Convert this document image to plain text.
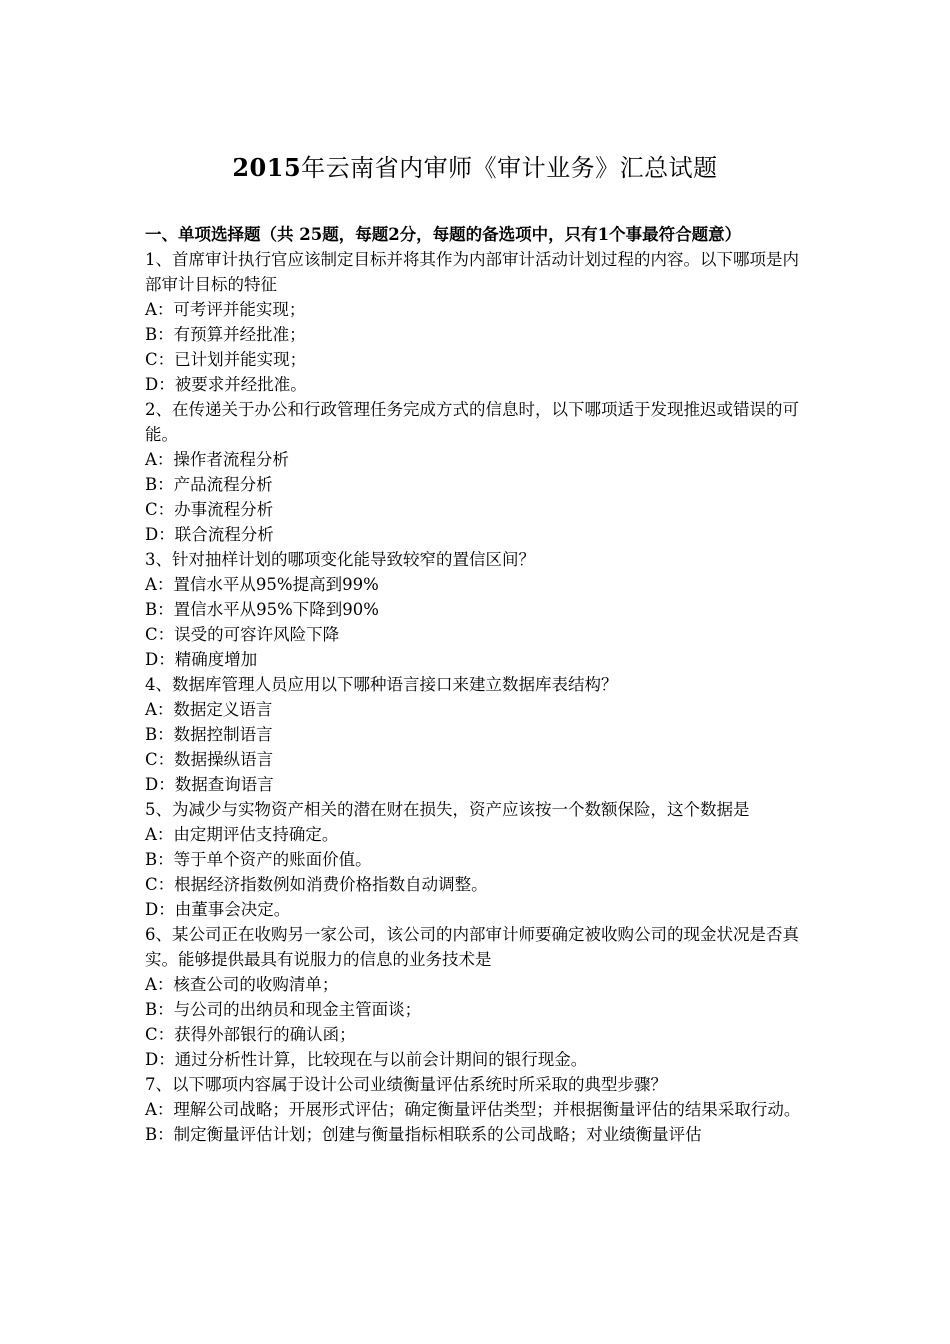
2015年云南省内审师《审计业务》汇总试题

一、单项选择题（共 25题，每题2分，每题的备选项中，只有1个事最符合题意）

1、首席审计执行官应该制定目标并将其作为内部审计活动计划过程的内容。以下哪项是内部审计目标的特征

A：可考评并能实现；

B：有预算并经批准；

C：已计划并能实现；

D：被要求并经批准。

2、在传递关于办公和行政管理任务完成方式的信息时，以下哪项适于发现推迟或错误的可能。

A：操作者流程分析

B：产品流程分析

C：办事流程分析

D：联合流程分析

3、针对抽样计划的哪项变化能导致较窄的置信区间？

A：置信水平从95%提高到99%

B：置信水平从95%下降到90%

C：误受的可容许风险下降

D：精确度增加

4、数据库管理人员应用以下哪种语言接口来建立数据库表结构？

A：数据定义语言

B：数据控制语言

C：数据操纵语言

D：数据查询语言

5、为减少与实物资产相关的潜在财在损失，资产应该按一个数额保险，这个数据是

A：由定期评估支持确定。

B：等于单个资产的账面价值。

C：根据经济指数例如消费价格指数自动调整。

D：由董事会决定。

6、某公司正在收购另一家公司，该公司的内部审计师要确定被收购公司的现金状况是否真实。能够提供最具有说服力的信息的业务技术是

A：核查公司的收购清单；

B：与公司的出纳员和现金主管面谈；

C：获得外部银行的确认函；

D：通过分析性计算，比较现在与以前会计期间的银行现金。

7、以下哪项内容属于设计公司业绩衡量评估系统时所采取的典型步骤？

A：理解公司战略；开展形式评估；确定衡量评估类型；并根据衡量评估的结果采取行动。

B：制定衡量评估计划；创建与衡量指标相联系的公司战略；对业绩衡量评估
